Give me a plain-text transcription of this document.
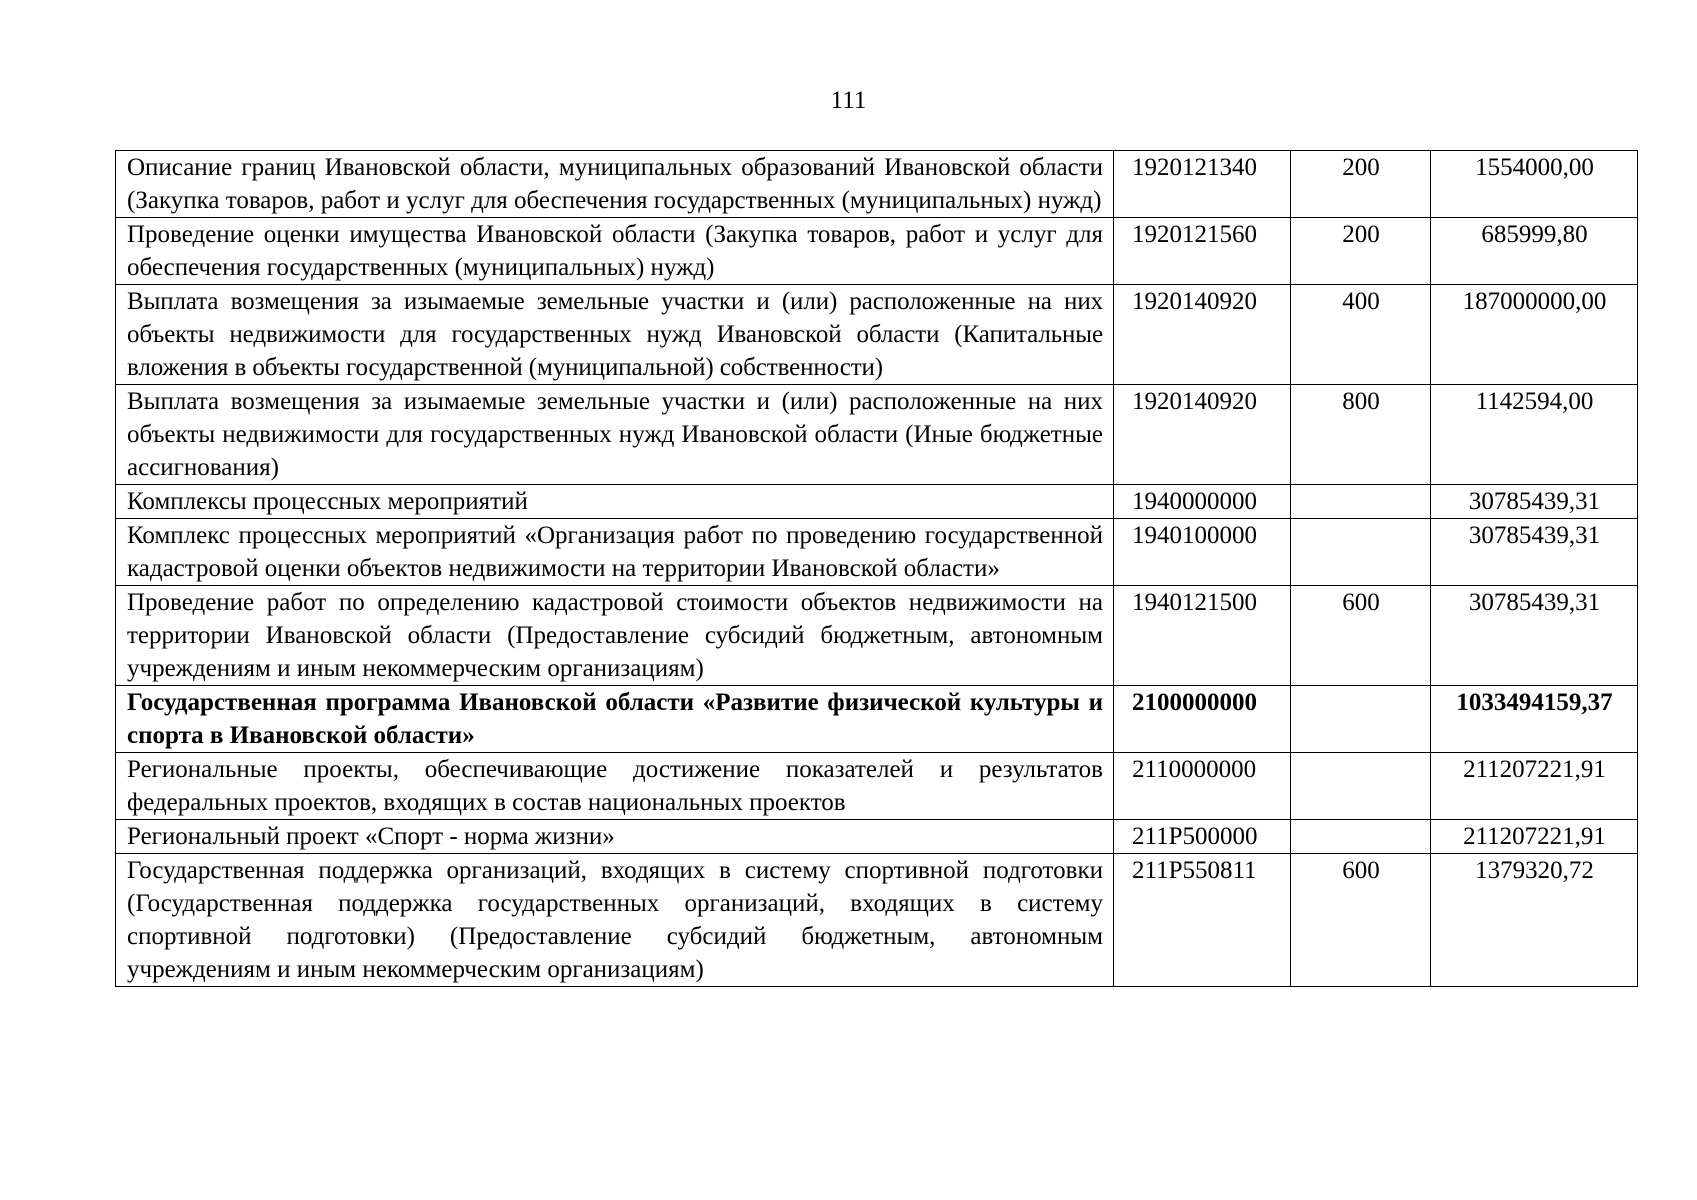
111
Описание границ Ивановской области, муниципальных образований Ивановской области (Закупка товаров, работ и услуг для обеспечения государственных (муниципальных) нужд)	1920121340	200	1554000,00
Проведение оценки имущества Ивановской области (Закупка товаров, работ и услуг для обеспечения государственных (муниципальных) нужд)	1920121560	200	685999,80
Выплата возмещения за изымаемые земельные участки и (или) расположенные на них объекты недвижимости для государственных нужд Ивановской области (Капитальные вложения в объекты государственной (муниципальной) собственности)	1920140920	400	187000000,00
Выплата возмещения за изымаемые земельные участки и (или) расположенные на них объекты недвижимости для государственных нужд Ивановской области (Иные бюджетные ассигнования)	1920140920	800	1142594,00
Комплексы процессных мероприятий	1940000000		30785439,31
Комплекс процессных мероприятий «Организация работ по проведению государственной кадастровой оценки объектов недвижимости на территории Ивановской области»	1940100000		30785439,31
Проведение работ по определению кадастровой стоимости объектов недвижимости на территории Ивановской области (Предоставление субсидий бюджетным, автономным учреждениям и иным некоммерческим организациям)	1940121500	600	30785439,31
Государственная программа Ивановской области «Развитие физической культуры и спорта в Ивановской области»	2100000000		1033494159,37
Региональные проекты, обеспечивающие достижение показателей и результатов федеральных проектов, входящих в состав национальных проектов	2110000000		211207221,91
Региональный проект «Спорт - норма жизни»	211P500000		211207221,91
Государственная поддержка организаций, входящих в систему спортивной подготовки (Государственная поддержка государственных организаций, входящих в систему спортивной подготовки) (Предоставление субсидий бюджетным, автономным учреждениям и иным некоммерческим организациям)	211P550811	600	1379320,72
